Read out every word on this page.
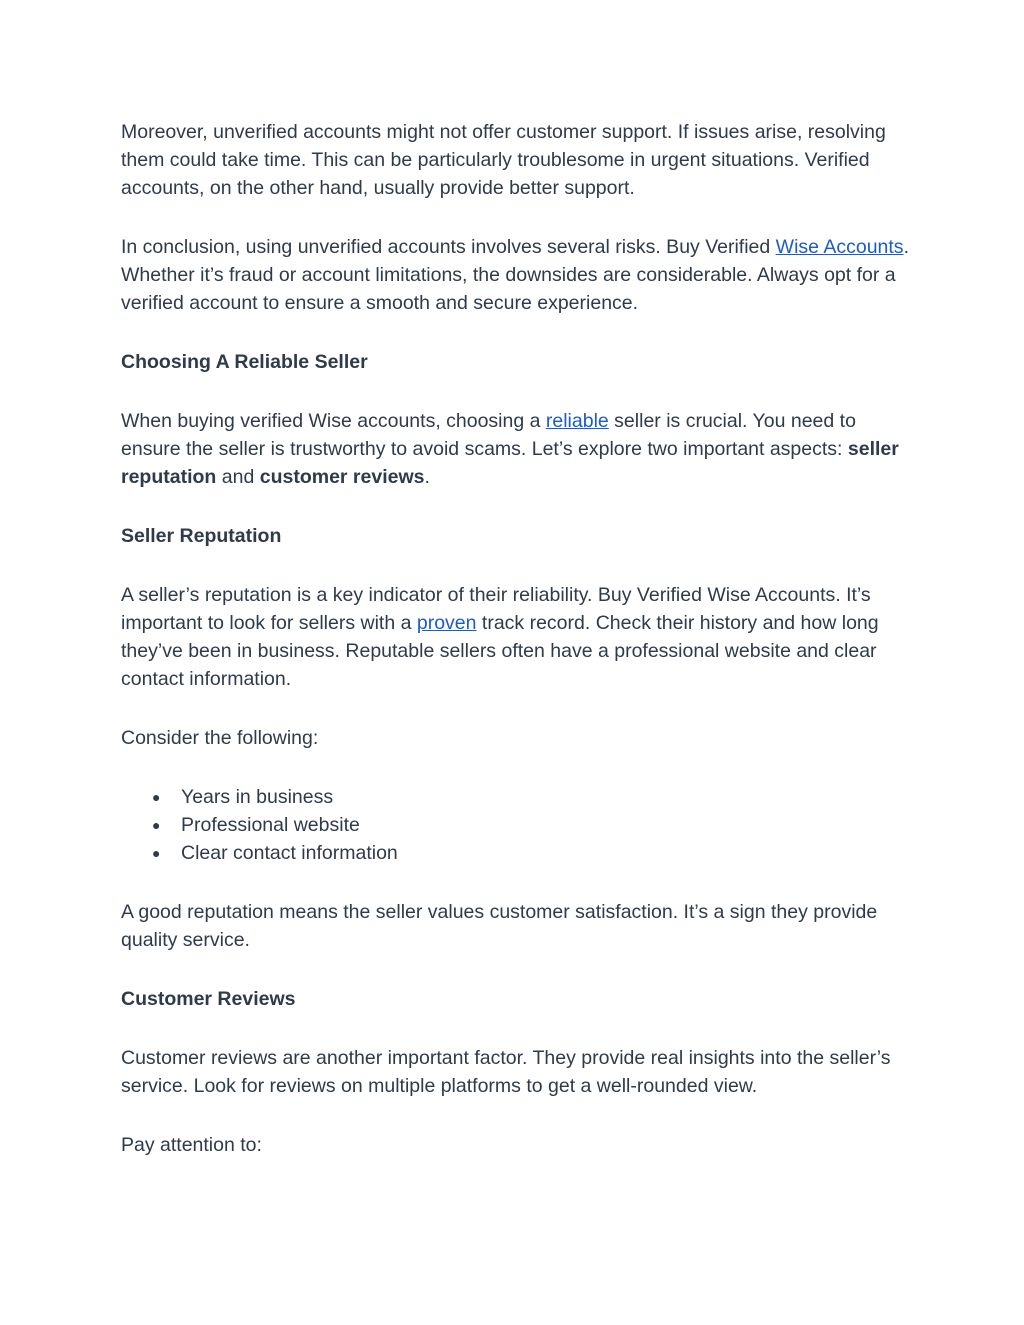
Moreover, unverified accounts might not offer customer support. If issues arise, resolving them could take time. This can be particularly troublesome in urgent situations. Verified accounts, on the other hand, usually provide better support.

In conclusion, using unverified accounts involves several risks. Buy Verified Wise Accounts. Whether it’s fraud or account limitations, the downsides are considerable. Always opt for a verified account to ensure a smooth and secure experience.

Choosing A Reliable Seller

When buying verified Wise accounts, choosing a reliable seller is crucial. You need to ensure the seller is trustworthy to avoid scams. Let’s explore two important aspects: seller reputation and customer reviews.

Seller Reputation

A seller’s reputation is a key indicator of their reliability. Buy Verified Wise Accounts. It’s important to look for sellers with a proven track record. Check their history and how long they’ve been in business. Reputable sellers often have a professional website and clear contact information.

Consider the following:

● Years in business
● Professional website
● Clear contact information

A good reputation means the seller values customer satisfaction. It’s a sign they provide quality service.

Customer Reviews

Customer reviews are another important factor. They provide real insights into the seller’s service. Look for reviews on multiple platforms to get a well-rounded view.

Pay attention to:
